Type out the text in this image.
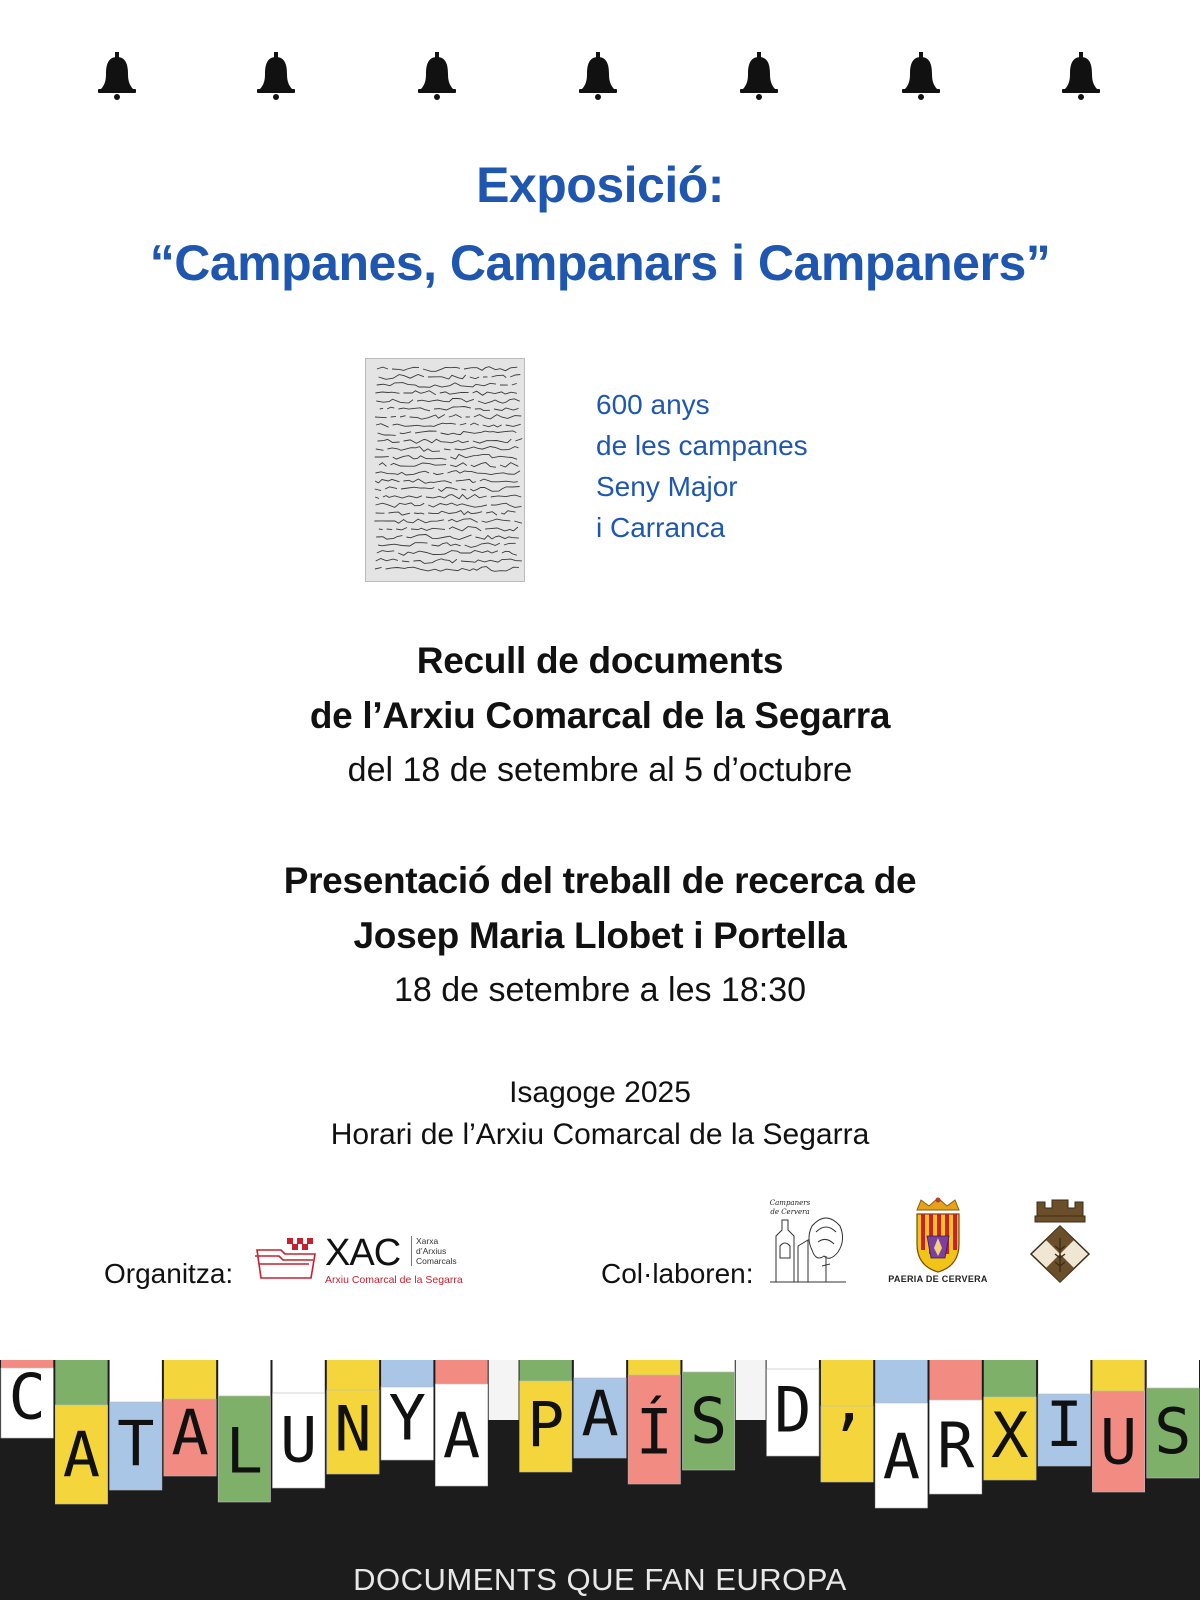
Exposició:
“Campanes, Campanars i Campaners”
600 anys
de les campanes
Seny Major
i Carranca
Recull de documents
de l’Arxiu Comarcal de la Segarra
del 18 de setembre al 5 d’octubre
Presentació del treball de recerca de
Josep Maria Llobet i Portella
18 de setembre a les 18:30
Isagoge 2025
Horari de l’Arxiu Comarcal de la Segarra
Organitza: XAC Xarxa
d’Arxius
Comarcals
Arxiu Comarcal de la Segarra	Col·laboren:
Campaners
de Cervera
PAERIA DE CERVERA
C
A T A L U N Y A P A Í S D ’ A R X I U S
DOCUMENTS QUE FAN EUROPA
